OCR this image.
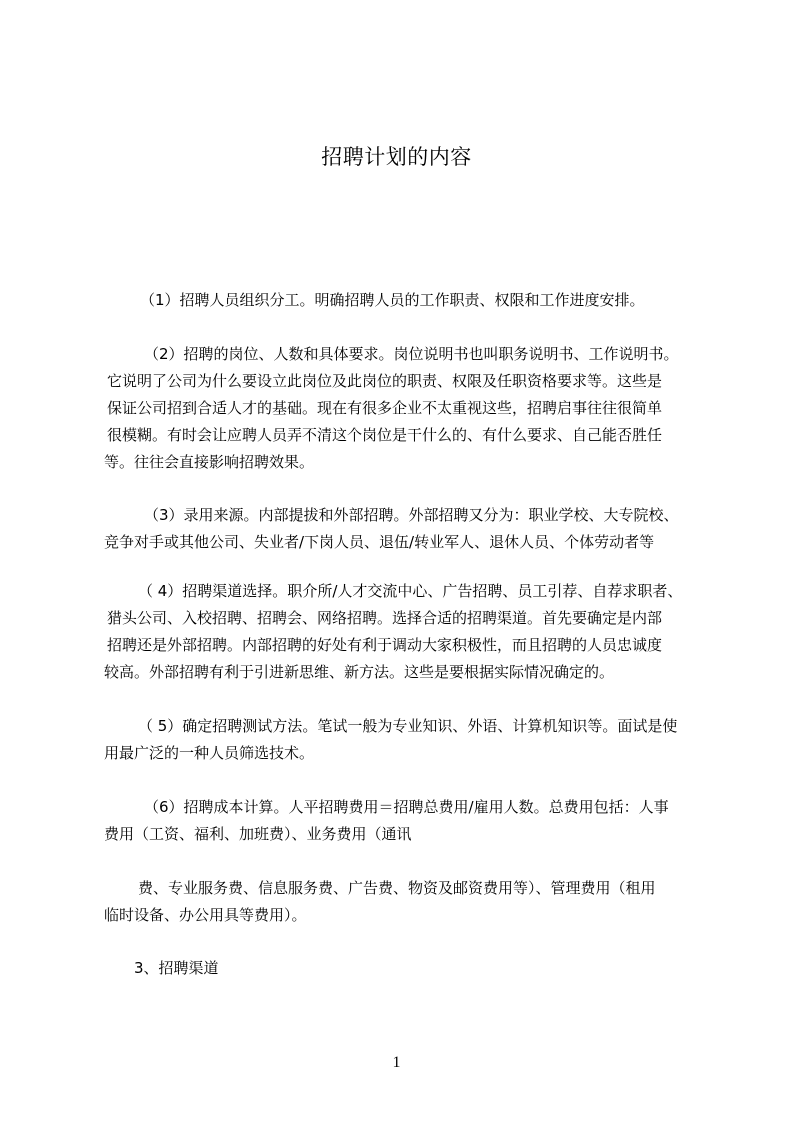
招聘计划的内容
（1）招聘人员组织分工。明确招聘人员的工作职责、权限和工作进度安排。
（2）招聘的岗位、人数和具体要求。岗位说明书也叫职务说明书、工作说明书。
它说明了公司为什么要设立此岗位及此岗位的职责、权限及任职资格要求等。这些是
保证公司招到合适人才的基础。现在有很多企业不太重视这些，招聘启事往往很简单
很模糊。有时会让应聘人员弄不清这个岗位是干什么的、有什么要求、自己能否胜任
等。往往会直接影响招聘效果。
（3）录用来源。内部提拔和外部招聘。外部招聘又分为：职业学校、大专院校、
竞争对手或其他公司、失业者/下岗人员、退伍/转业军人、退休人员、个体劳动者等
（ 4）招聘渠道选择。职介所/人才交流中心、广告招聘、员工引荐、自荐求职者、
猎头公司、入校招聘、招聘会、网络招聘。选择合适的招聘渠道。首先要确定是内部
招聘还是外部招聘。内部招聘的好处有利于调动大家积极性，而且招聘的人员忠诚度
较高。外部招聘有利于引进新思维、新方法。这些是要根据实际情况确定的。
（ 5）确定招聘测试方法。笔试一般为专业知识、外语、计算机知识等。面试是使
用最广泛的一种人员筛选技术。
（6）招聘成本计算。人平招聘费用＝招聘总费用/雇用人数。总费用包括：人事
费用（工资、福利、加班费）、业务费用（通讯
费、专业服务费、信息服务费、广告费、物资及邮资费用等）、管理费用（租用
临时设备、办公用具等费用）。
3、招聘渠道
1
